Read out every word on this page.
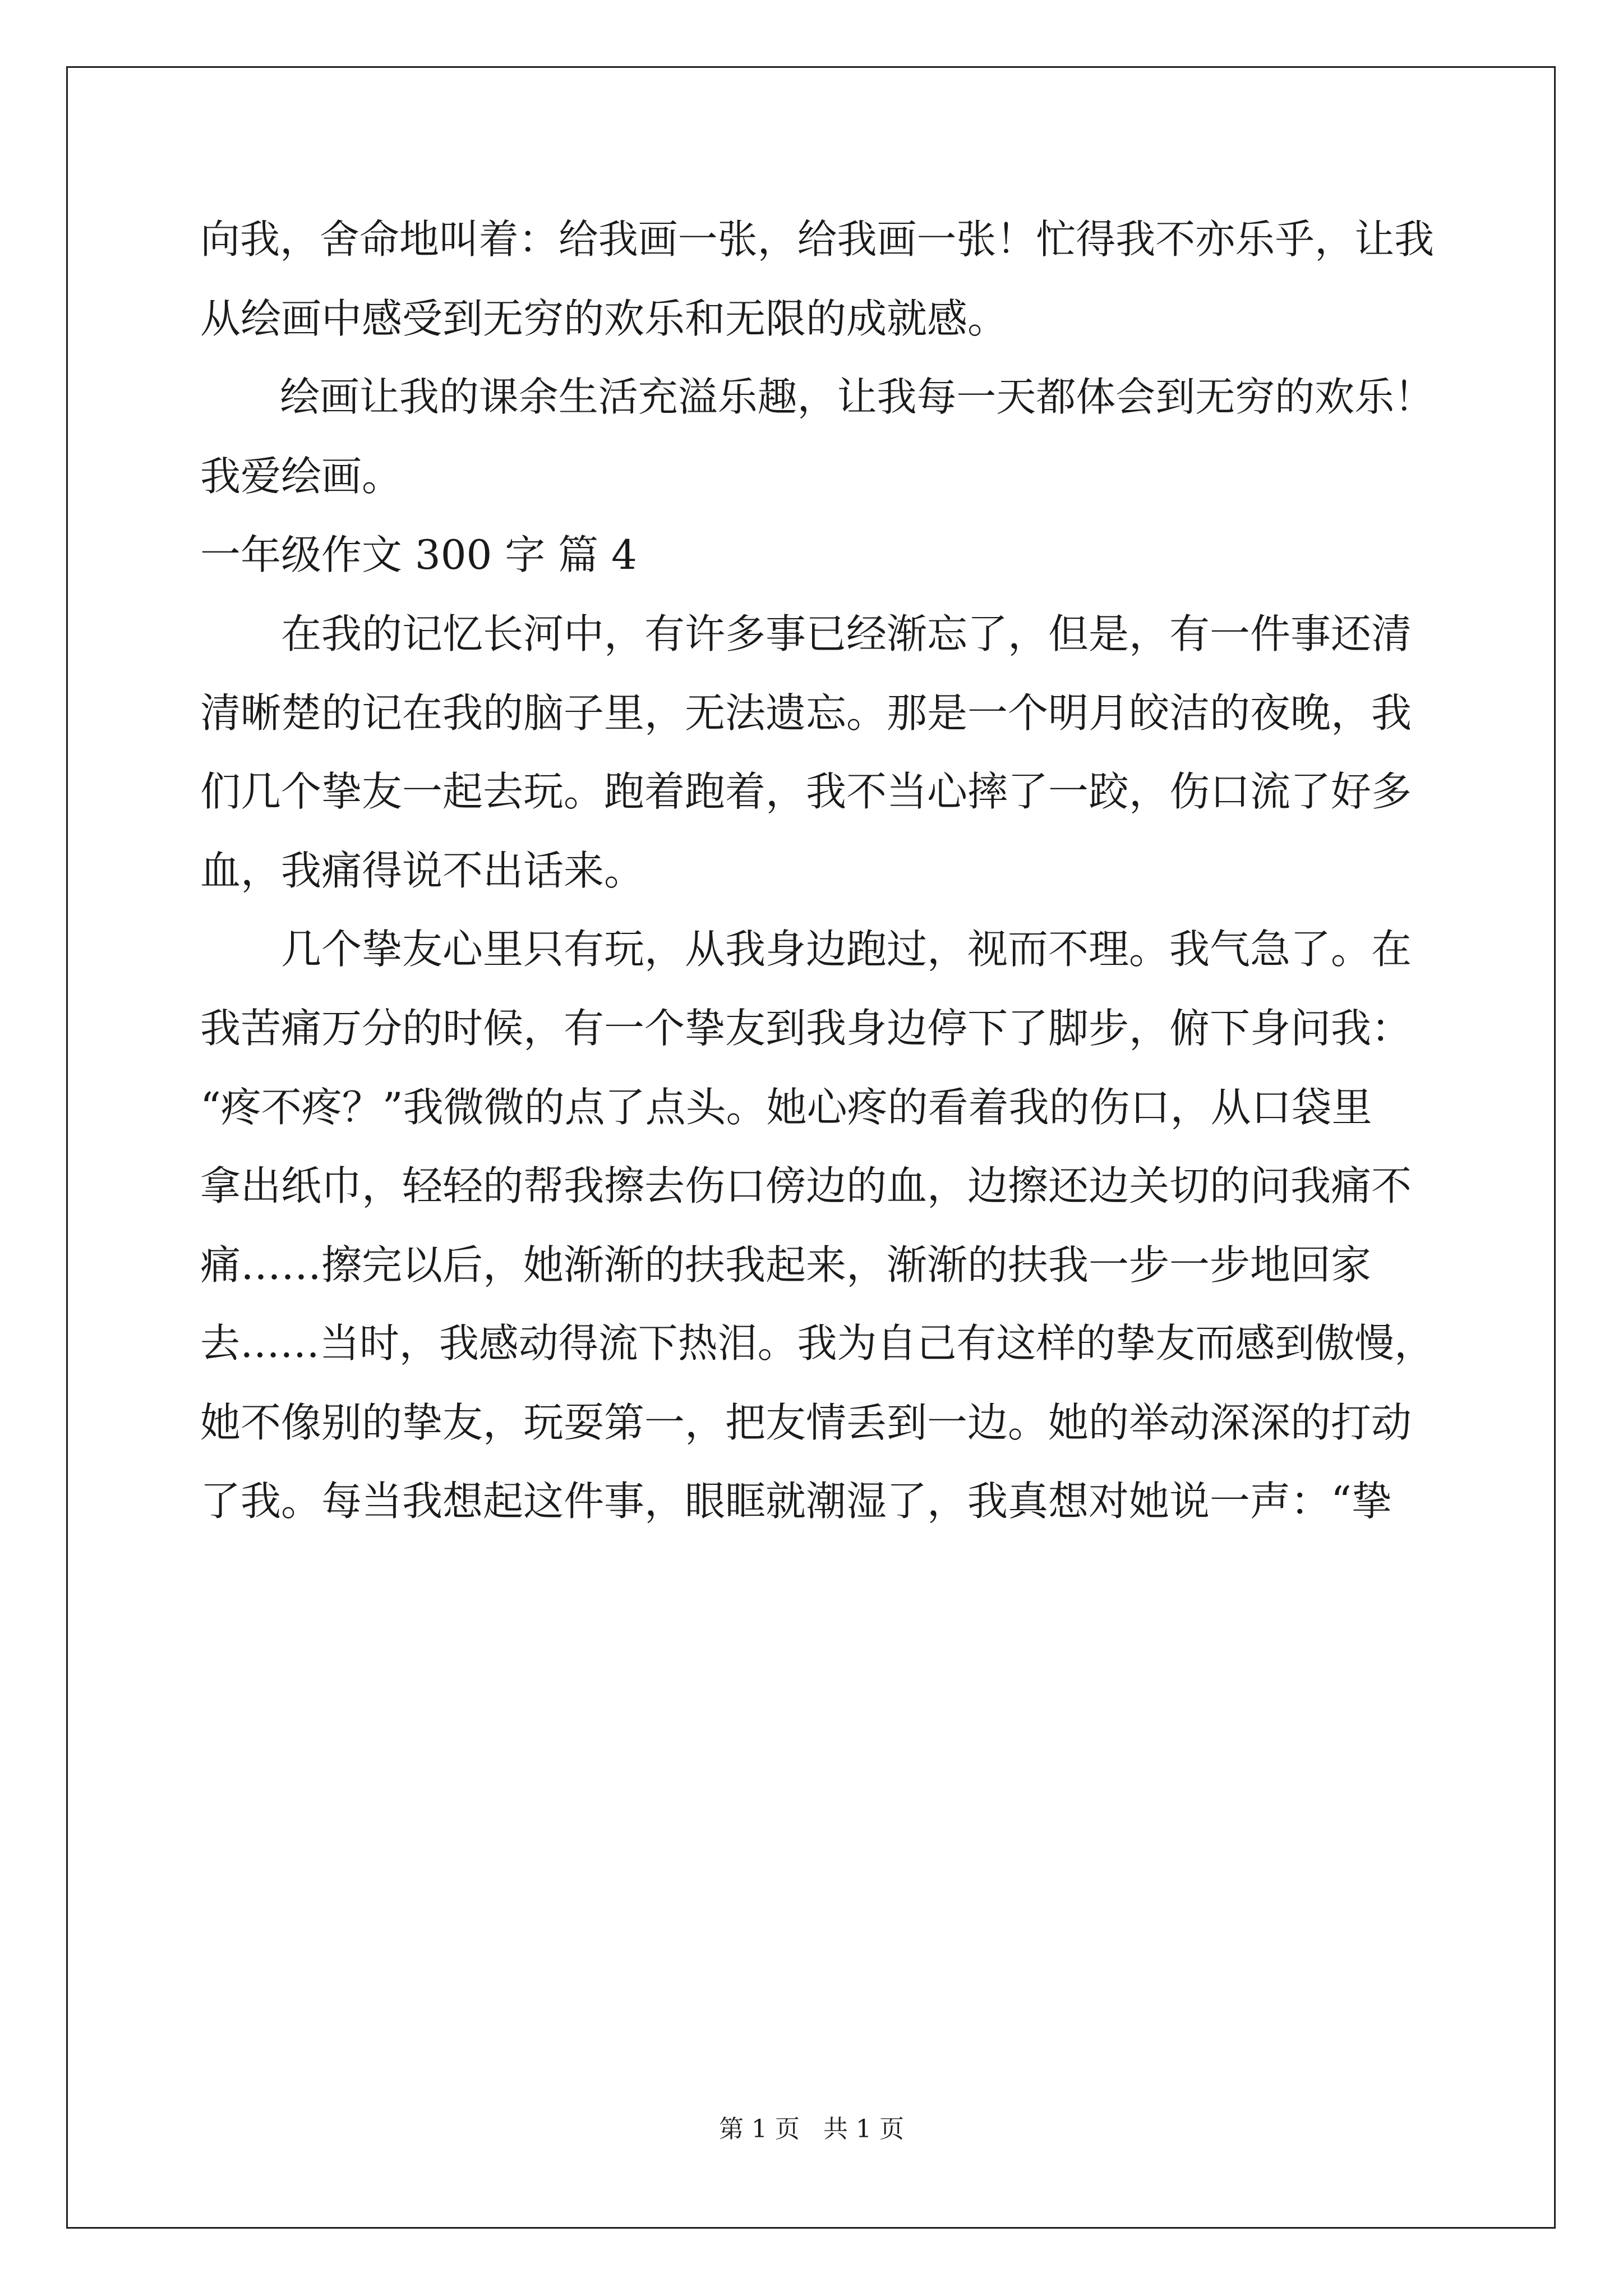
向我，舍命地叫着：给我画一张，给我画一张！忙得我不亦乐乎，让我
从绘画中感受到无穷的欢乐和无限的成就感。
　　绘画让我的课余生活充溢乐趣，让我每一天都体会到无穷的欢乐！
我爱绘画。
一年级作文 300 字 篇 4
　　在我的记忆长河中，有许多事已经渐忘了，但是，有一件事还清
清晰楚的记在我的脑子里，无法遗忘。那是一个明月皎洁的夜晚，我
们几个挚友一起去玩。跑着跑着，我不当心摔了一跤，伤口流了好多
血，我痛得说不出话来。
　　几个挚友心里只有玩，从我身边跑过，视而不理。我气急了。在
我苦痛万分的时候，有一个挚友到我身边停下了脚步，俯下身问我：
“疼不疼？”我微微的点了点头。她心疼的看着我的伤口，从口袋里
拿出纸巾，轻轻的帮我擦去伤口傍边的血，边擦还边关切的问我痛不
痛……擦完以后，她渐渐的扶我起来，渐渐的扶我一步一步地回家
去……当时，我感动得流下热泪。我为自己有这样的挚友而感到傲慢，
她不像别的挚友，玩耍第一，把友情丢到一边。她的举动深深的打动
了我。每当我想起这件事，眼眶就潮湿了，我真想对她说一声：“挚
第 1 页   共 1 页
